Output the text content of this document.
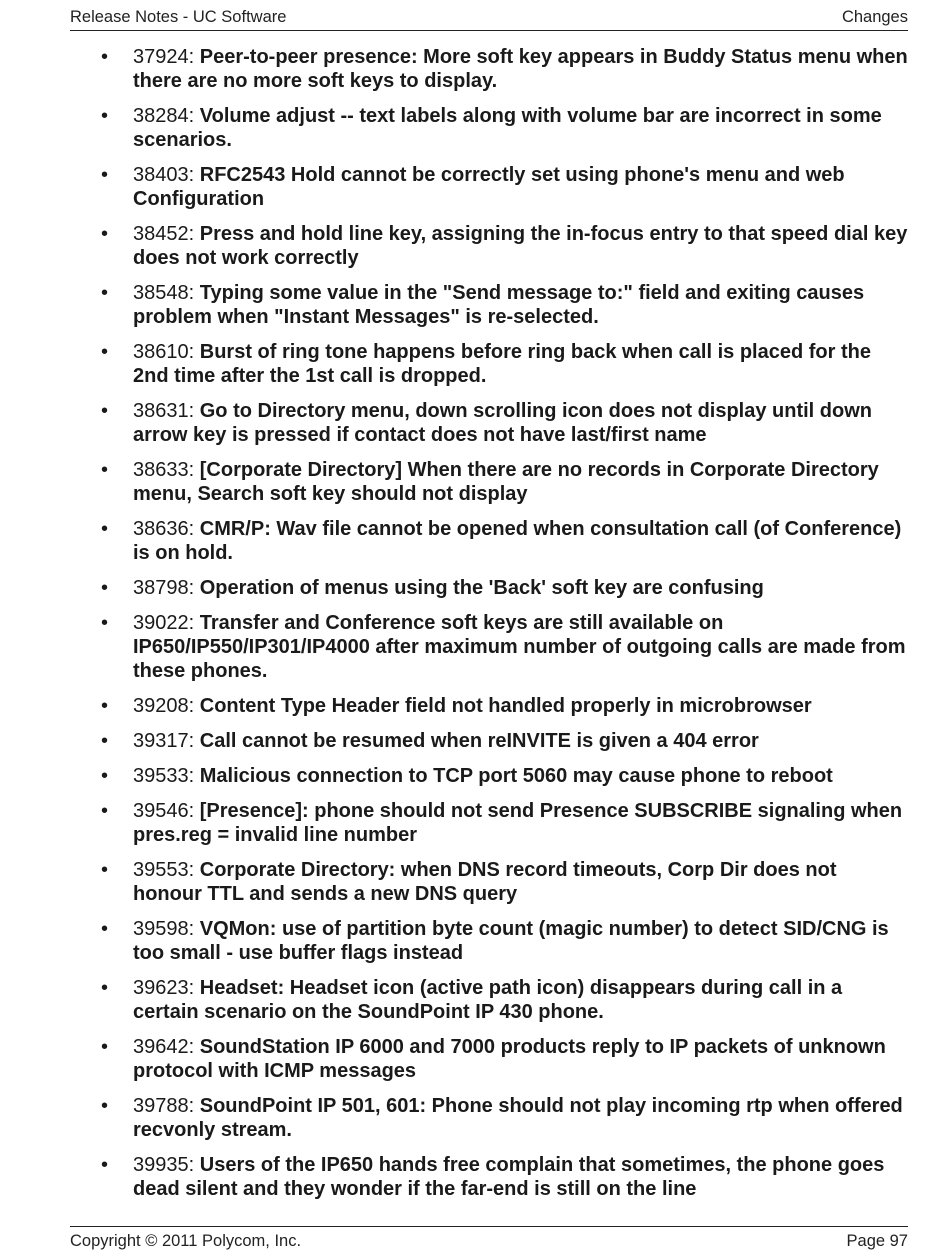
Release Notes - UC Software	Changes
• 37924: Peer-to-peer presence: More soft key appears in Buddy Status menu when there are no more soft keys to display.
• 38284: Volume adjust -- text labels along with volume bar are incorrect in some scenarios.
• 38403: RFC2543 Hold cannot be correctly set using phone's menu and web Configuration
• 38452: Press and hold line key, assigning the in-focus entry to that speed dial key does not work correctly
• 38548: Typing some value in the "Send message to:" field and exiting causes problem when "Instant Messages" is re-selected.
• 38610: Burst of ring tone happens before ring back when call is placed for the 2nd time after the 1st call is dropped.
• 38631: Go to Directory menu, down scrolling icon does not display until down arrow key is pressed if contact does not have last/first name
• 38633: [Corporate Directory] When there are no records in Corporate Directory menu, Search soft key should not display
• 38636: CMR/P: Wav file cannot be opened when consultation call (of Conference) is on hold.
• 38798: Operation of menus using the 'Back' soft key are confusing
• 39022: Transfer and Conference soft keys are still available on IP650/IP550/IP301/IP4000 after maximum number of outgoing calls are made from these phones.
• 39208: Content Type Header field not handled properly in microbrowser
• 39317: Call cannot be resumed when reINVITE is given a 404 error
• 39533: Malicious connection to TCP port 5060 may cause phone to reboot
• 39546: [Presence]: phone should not send Presence SUBSCRIBE signaling when pres.reg = invalid line number
• 39553: Corporate Directory: when DNS record timeouts, Corp Dir does not honour TTL and sends a new DNS query
• 39598: VQMon: use of partition byte count (magic number) to detect SID/CNG is too small - use buffer flags instead
• 39623: Headset: Headset icon (active path icon) disappears during call in a certain scenario on the SoundPoint IP 430 phone.
• 39642: SoundStation IP 6000 and 7000 products reply to IP packets of unknown protocol with ICMP messages
• 39788: SoundPoint IP 501, 601: Phone should not play incoming rtp when offered recvonly stream.
• 39935: Users of the IP650 hands free complain that sometimes, the phone goes dead silent and they wonder if the far-end is still on the line
Copyright © 2011 Polycom, Inc.	Page 97
